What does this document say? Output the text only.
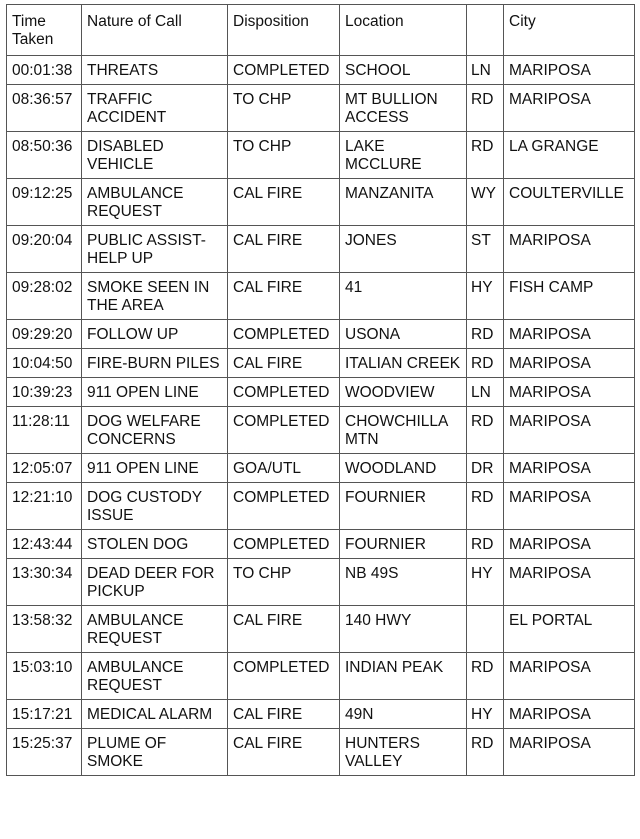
Time Taken	Nature of Call	Disposition	Location		City
00:01:38	THREATS	COMPLETED	SCHOOL	LN	MARIPOSA
08:36:57	TRAFFIC ACCIDENT	TO CHP	MT BULLION ACCESS	RD	MARIPOSA
08:50:36	DISABLED VEHICLE	TO CHP	LAKE MCCLURE	RD	LA GRANGE
09:12:25	AMBULANCE REQUEST	CAL FIRE	MANZANITA	WY	COULTERVILLE
09:20:04	PUBLIC ASSIST-HELP UP	CAL FIRE	JONES	ST	MARIPOSA
09:28:02	SMOKE SEEN IN THE AREA	CAL FIRE	41	HY	FISH CAMP
09:29:20	FOLLOW UP	COMPLETED	USONA	RD	MARIPOSA
10:04:50	FIRE-BURN PILES	CAL FIRE	ITALIAN CREEK	RD	MARIPOSA
10:39:23	911 OPEN LINE	COMPLETED	WOODVIEW	LN	MARIPOSA
11:28:11	DOG WELFARE CONCERNS	COMPLETED	CHOWCHILLA MTN	RD	MARIPOSA
12:05:07	911 OPEN LINE	GOA/UTL	WOODLAND	DR	MARIPOSA
12:21:10	DOG CUSTODY ISSUE	COMPLETED	FOURNIER	RD	MARIPOSA
12:43:44	STOLEN DOG	COMPLETED	FOURNIER	RD	MARIPOSA
13:30:34	DEAD DEER FOR PICKUP	TO CHP	NB 49S	HY	MARIPOSA
13:58:32	AMBULANCE REQUEST	CAL FIRE	140 HWY		EL PORTAL
15:03:10	AMBULANCE REQUEST	COMPLETED	INDIAN PEAK	RD	MARIPOSA
15:17:21	MEDICAL ALARM	CAL FIRE	49N	HY	MARIPOSA
15:25:37	PLUME OF SMOKE	CAL FIRE	HUNTERS VALLEY	RD	MARIPOSA
